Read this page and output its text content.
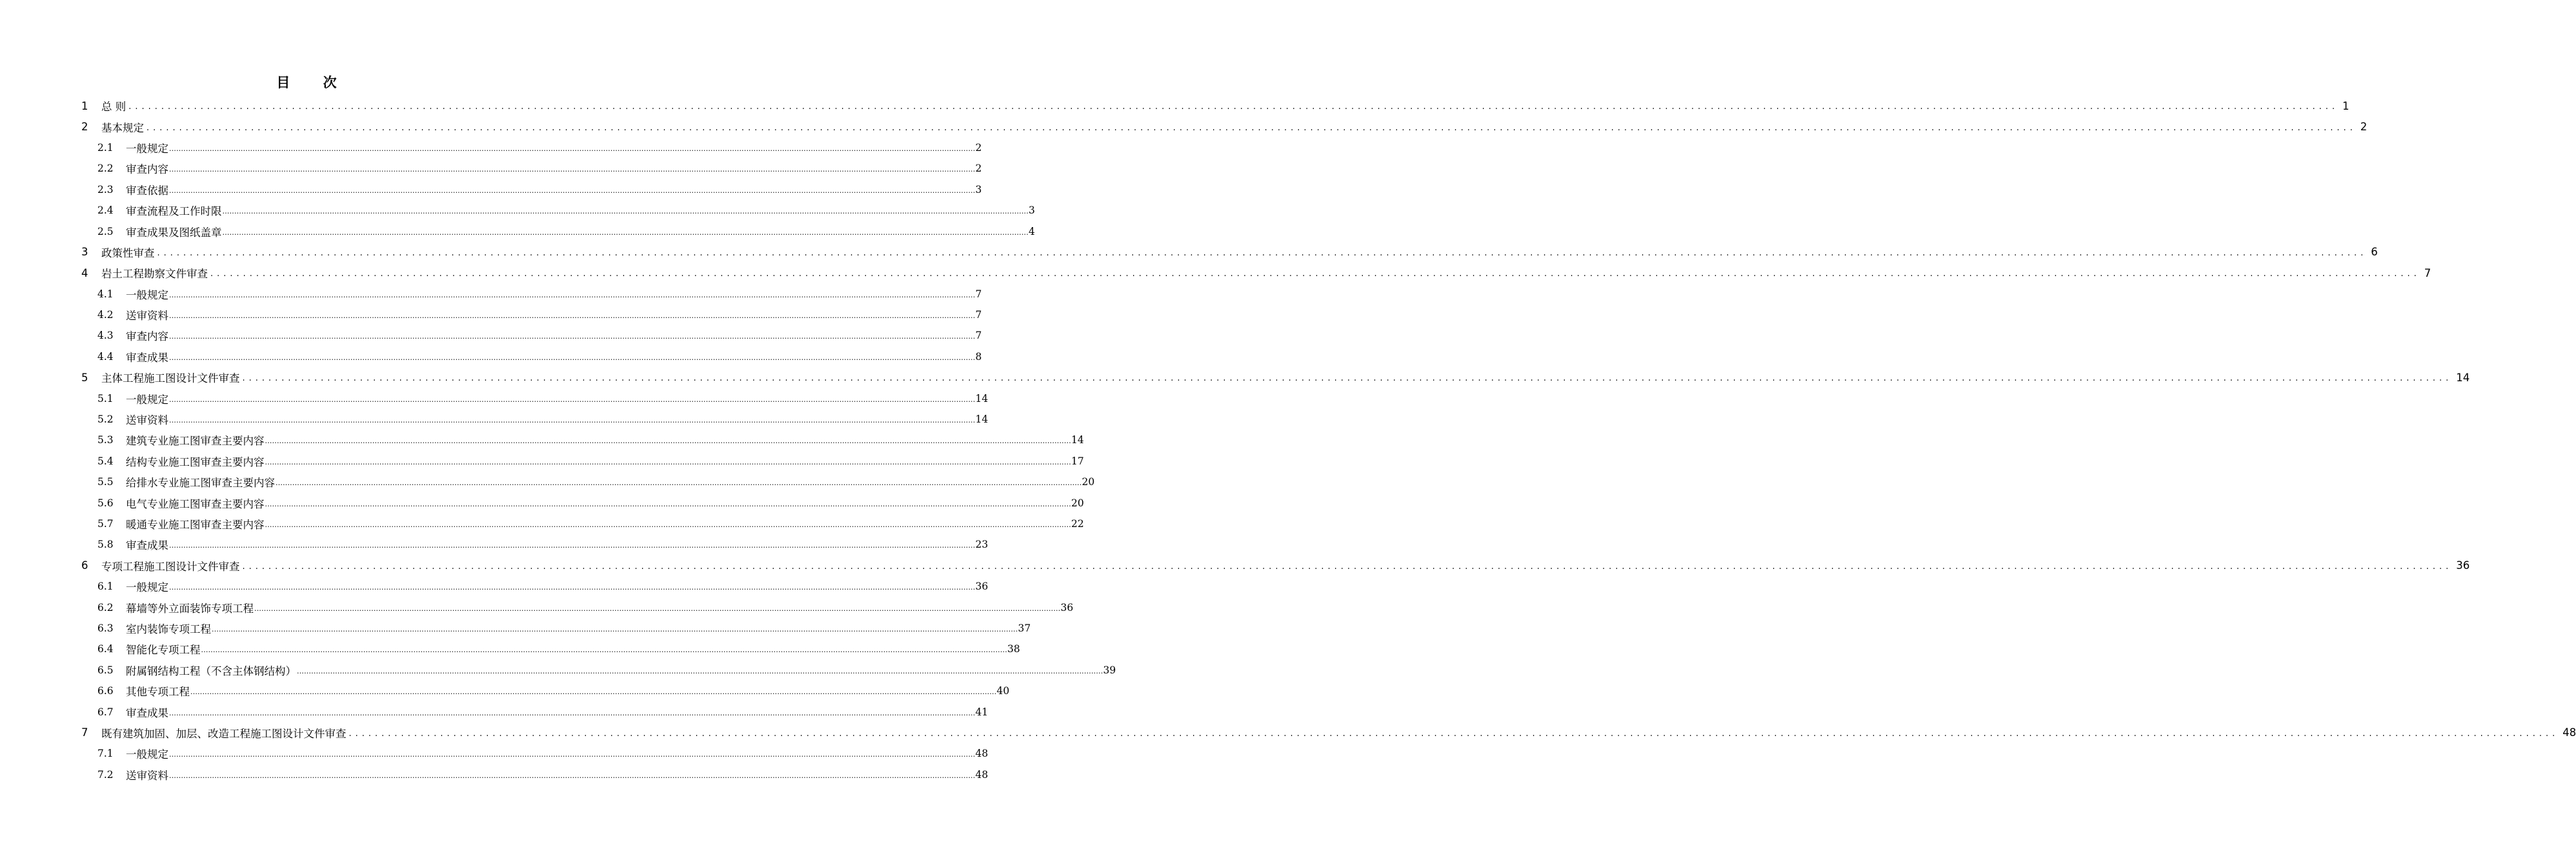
目 次
1	总 则 .................................................................................................................................................................................................................................................................................................................................................. 1
2	基本规定 .................................................................................................................................................................................................................................................................................................................................................. 2
2.1	一般规定 .................................................................................................................................................................................................................................................................................................................................................. 2
2.2	审查内容 .................................................................................................................................................................................................................................................................................................................................................. 2
2.3	审查依据 .................................................................................................................................................................................................................................................................................................................................................. 3
2.4	审查流程及工作时限 .................................................................................................................................................................................................................................................................................................................................................. 3
2.5	审查成果及图纸盖章 .................................................................................................................................................................................................................................................................................................................................................. 4
3	政策性审查 .................................................................................................................................................................................................................................................................................................................................................. 6
4	岩土工程勘察文件审查 .................................................................................................................................................................................................................................................................................................................................................. 7
4.1	一般规定 .................................................................................................................................................................................................................................................................................................................................................. 7
4.2	送审资料 .................................................................................................................................................................................................................................................................................................................................................. 7
4.3	审查内容 .................................................................................................................................................................................................................................................................................................................................................. 7
4.4	审查成果 .................................................................................................................................................................................................................................................................................................................................................. 8
5	主体工程施工图设计文件审查 .................................................................................................................................................................................................................................................................................................................................................. 14
5.1	一般规定 .................................................................................................................................................................................................................................................................................................................................................. 14
5.2	送审资料 .................................................................................................................................................................................................................................................................................................................................................. 14
5.3	建筑专业施工图审查主要内容 .................................................................................................................................................................................................................................................................................................................................................. 14
5.4	结构专业施工图审查主要内容 .................................................................................................................................................................................................................................................................................................................................................. 17
5.5	给排水专业施工图审查主要内容 .................................................................................................................................................................................................................................................................................................................................................. 20
5.6	电气专业施工图审查主要内容 .................................................................................................................................................................................................................................................................................................................................................. 20
5.7	暖通专业施工图审查主要内容 .................................................................................................................................................................................................................................................................................................................................................. 22
5.8	审查成果 .................................................................................................................................................................................................................................................................................................................................................. 23
6	专项工程施工图设计文件审查 .................................................................................................................................................................................................................................................................................................................................................. 36
6.1	一般规定 .................................................................................................................................................................................................................................................................................................................................................. 36
6.2	幕墙等外立面装饰专项工程 .................................................................................................................................................................................................................................................................................................................................................. 36
6.3	室内装饰专项工程 .................................................................................................................................................................................................................................................................................................................................................. 37
6.4	智能化专项工程 .................................................................................................................................................................................................................................................................................................................................................. 38
6.5	附属钢结构工程（不含主体钢结构） .................................................................................................................................................................................................................................................................................................................................................. 39
6.6	其他专项工程 .................................................................................................................................................................................................................................................................................................................................................. 40
6.7	审查成果 .................................................................................................................................................................................................................................................................................................................................................. 41
7	既有建筑加固、加层、改造工程施工图设计文件审查 .................................................................................................................................................................................................................................................................................................................................................. 48
7.1	一般规定 .................................................................................................................................................................................................................................................................................................................................................. 48
7.2	送审资料 .................................................................................................................................................................................................................................................................................................................................................. 48
